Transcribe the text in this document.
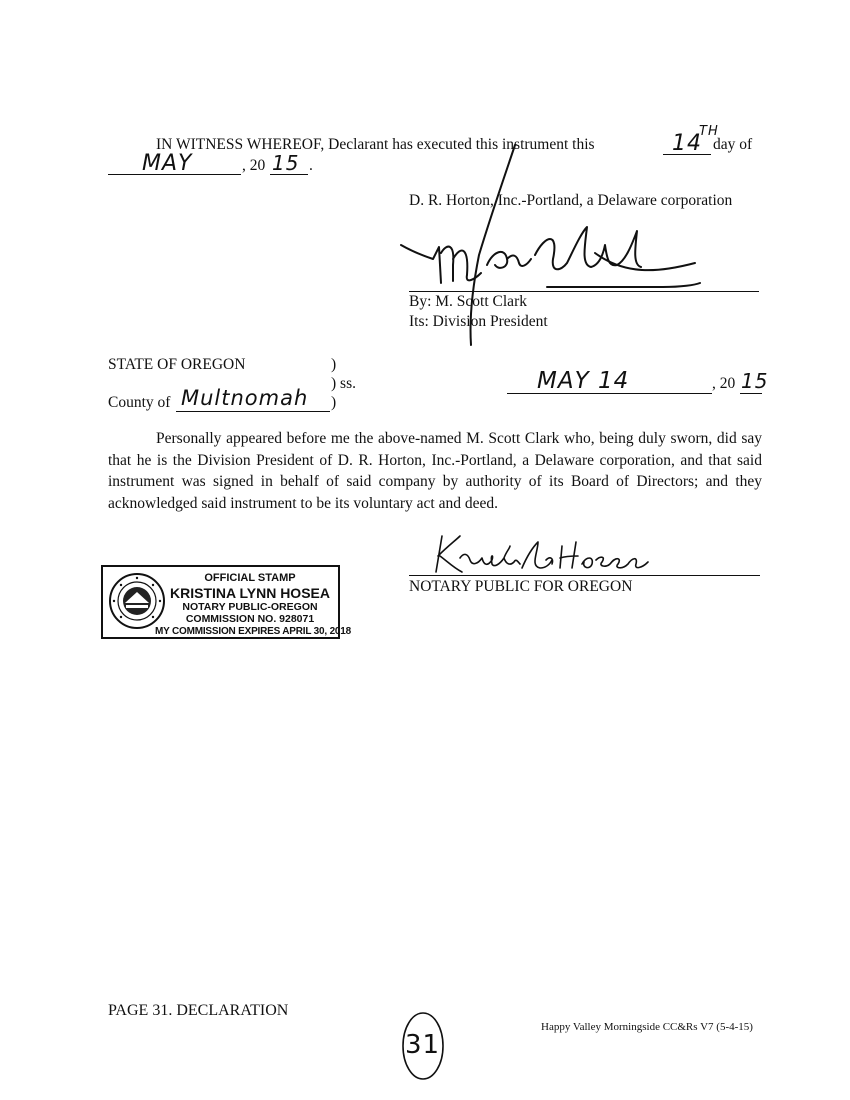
IN WITNESS WHEREOF, Declarant has executed this instrument this	14
TH
day of
MAY	, 20 15 .
D. R. Horton, Inc.-Portland, a Delaware corporation
By: M. Scott Clark
Its: Division President
STATE OF OREGON	)
) ss.
County of Multnomah )
MAY 14	, 20 15
Personally appeared before me the above-named M. Scott Clark who, being duly sworn, did say that he is the Division President of D. R. Horton, Inc.-Portland, a Delaware corporation, and that said instrument was signed in behalf of said company by authority of its Board of Directors; and they acknowledged said instrument to be its voluntary act and deed.
NOTARY PUBLIC FOR OREGON
OFFICIAL STAMP
KRISTINA LYNN HOSEA
NOTARY PUBLIC-OREGON
COMMISSION NO. 928071
MY COMMISSION EXPIRES APRIL 30, 2018
PAGE 31. DECLARATION
31
Happy Valley Morningside CC&Rs V7 (5-4-15)
